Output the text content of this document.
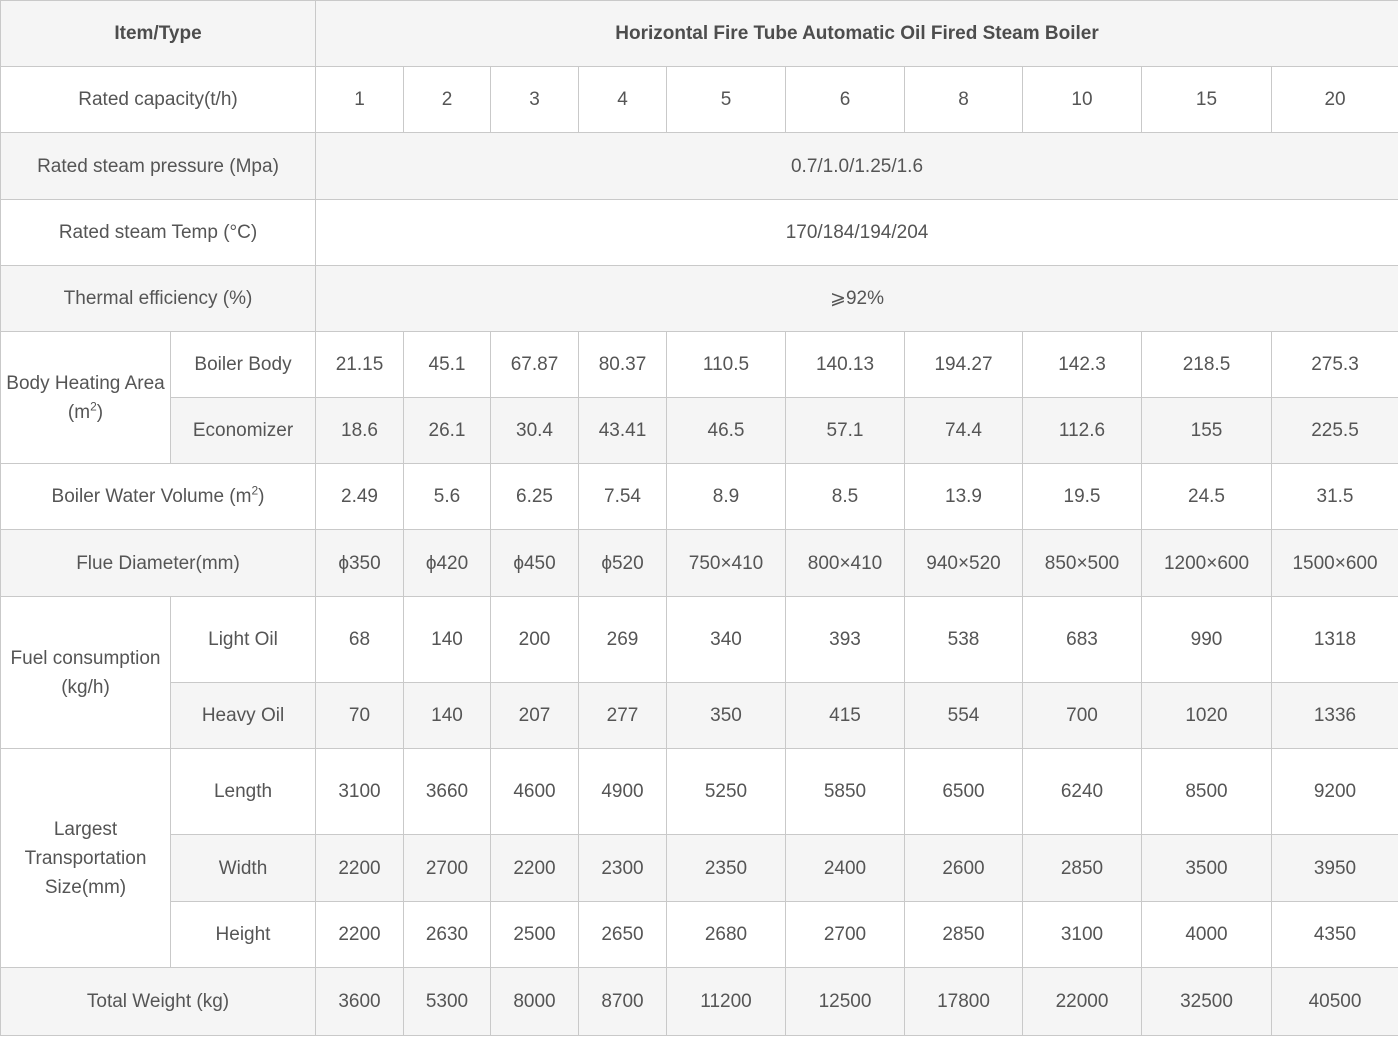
Item/Type		Horizontal Fire Tube Automatic Oil Fired Steam Boiler									
Rated capacity(t/h)		1	2	3	4	5	6	8	10	15	20
Rated steam pressure (Mpa)		0.7/1.0/1.25/1.6									
Rated steam Temp (°C)		170/184/194/204									
Thermal efficiency (%)		⩾92%									
Body Heating Area $(m^2)$	Boiler Body	21.15	45.1	67.87	80.37	110.5	140.13	194.27	142.3	218.5	275.3
	Economizer	18.6	26.1	30.4	43.41	46.5	57.1	74.4	112.6	155	225.5
Boiler Water Volume $(m^2)$		2.49	5.6	6.25	7.54	8.9	8.5	13.9	19.5	24.5	31.5
Flue Diameter(mm)		ϕ350	ϕ420	ϕ450	ϕ520	750×410	800×410	940×520	850×500	1200×600	1500×600
Fuel consumption (kg/h)	Light Oil	68	140	200	269	340	393	538	683	990	1318
	Heavy Oil	70	140	207	277	350	415	554	700	1020	1336
Largest Transportation Size(mm)	Length	3100	3660	4600	4900	5250	5850	6500	6240	8500	9200
	Width	2200	2700	2200	2300	2350	2400	2600	2850	3500	3950
	Height	2200	2630	2500	2650	2680	2700	2850	3100	4000	4350
Total Weight (kg)		3600	5300	8000	8700	11200	12500	17800	22000	32500	40500
